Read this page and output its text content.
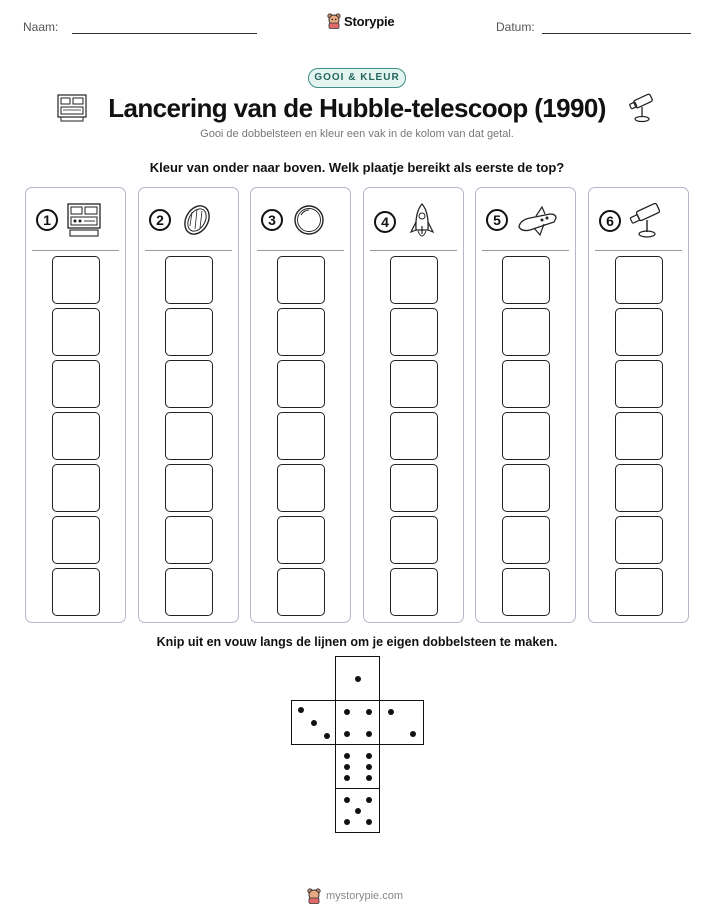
Naam:	Datum:
Storypie
GOOI & KLEUR
Lancering van de Hubble-telescoop (1990)
Gooi de dobbelsteen en kleur een vak in de kolom van dat getal.
Kleur van onder naar boven. Welk plaatje bereikt als eerste de top?
1	2	3	4	5	6
Knip uit en vouw langs de lijnen om je eigen dobbelsteen te maken.
mystorypie.com
